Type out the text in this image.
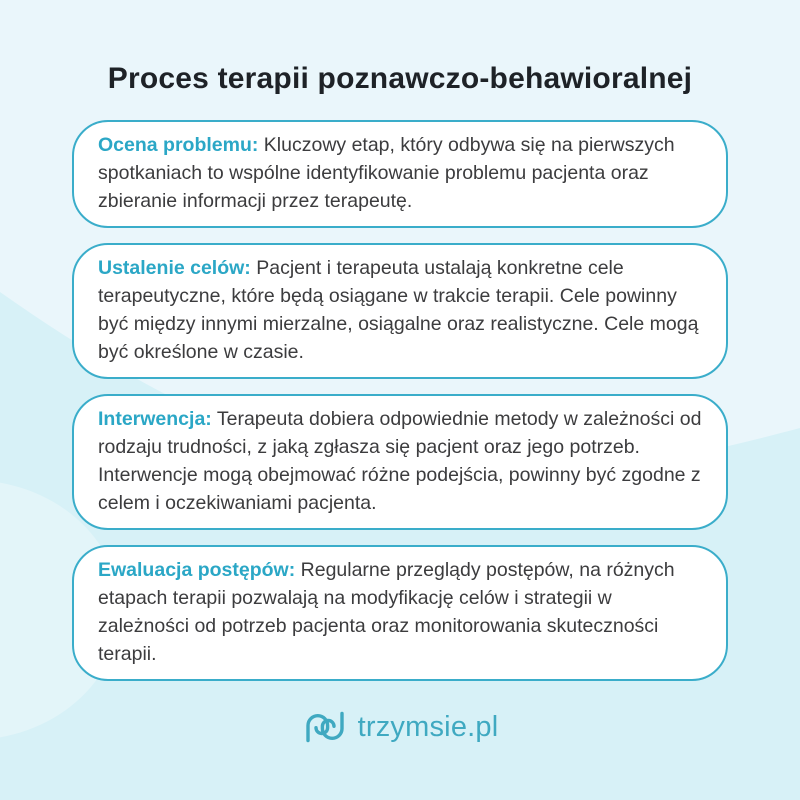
Proces terapii poznawczo-behawioralnej

Ocena problemu: Kluczowy etap, który odbywa się na pierwszych spotkaniach to wspólne identyfikowanie problemu pacjenta oraz zbieranie informacji przez terapeutę.

Ustalenie celów: Pacjent i terapeuta ustalają konkretne cele terapeutyczne, które będą osiągane w trakcie terapii. Cele powinny być między innymi mierzalne, osiągalne oraz realistyczne. Cele mogą być określone w czasie.

Interwencja: Terapeuta dobiera odpowiednie metody w zależności od rodzaju trudności, z jaką zgłasza się pacjent oraz jego potrzeb. Interwencje mogą obejmować różne podejścia, powinny być zgodne z celem i oczekiwaniami pacjenta.

Ewaluacja postępów: Regularne przeglądy postępów, na różnych etapach terapii pozwalają na modyfikację celów i strategii w zależności od potrzeb pacjenta oraz monitorowania skuteczności terapii.

trzymsie.pl
